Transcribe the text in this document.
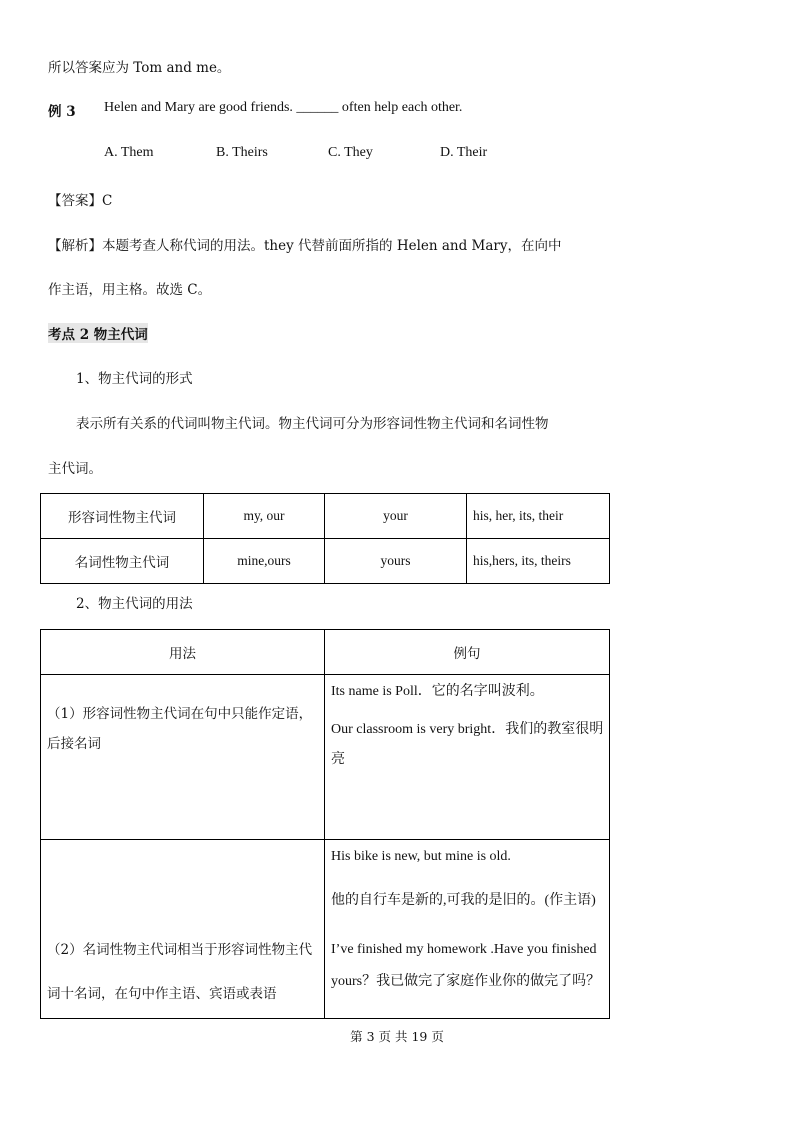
所以答案应为 Tom and me。
例 3 Helen and Mary are good friends. ______ often help each other.
A. Them	B. Theirs	C. They	D. Their
【答案】C
【解析】本题考查人称代词的用法。they 代替前面所指的 Helen and Mary，在向中
作主语，用主格。故选 C。
考点 2 物主代词
1、物主代词的形式
表示所有关系的代词叫物主代词。物主代词可分为形容词性物主代词和名词性物
主代词。
形容词性物主代词	my, our	your	his, her, its, their
名词性物主代词	mine,ours	yours	his,hers, its, theirs
2、物主代词的用法
用法	例句

（1）形容词性物主代词在句中只能作定语，后接名词	Its name is Poll．它的名字叫波利。
Our classroom is very bright．我们的教室很明亮

（2）名词性物主代词相当于形容词性物主代词十名词，在句中作主语、宾语或表语	His bike is new, but mine is old.
他的自行车是新的,可我的是旧的。(作主语)
I’ve finished my homework .Have you finished yours？我已做完了家庭作业你的做完了吗？
第 3 页 共 19 页
